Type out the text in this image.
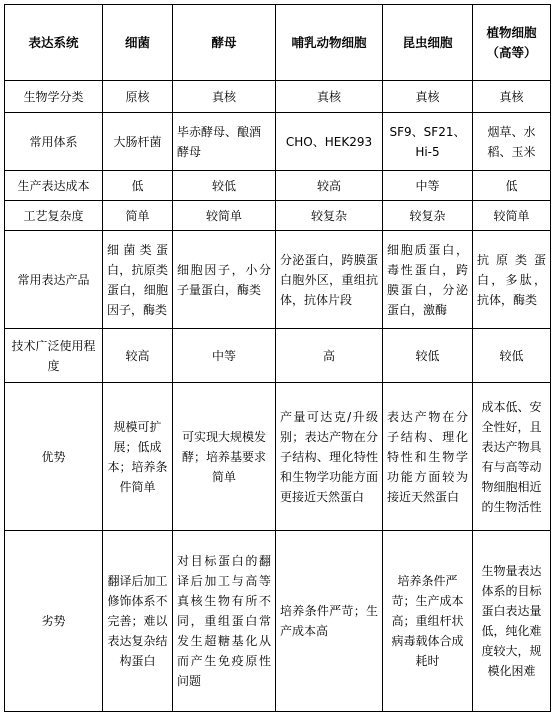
表达系统	细菌	酵母	哺乳动物细胞	昆虫细胞	植物细胞（高等）
生物学分类	原核	真核	真核	真核	真核
常用体系	大肠杆菌	毕赤酵母、酿酒酵母	CHO、HEK293	SF9、SF21、Hi-5	烟草、水稻、玉米
生产表达成本	低	较低	较高	中等	低
工艺复杂度	简单	较简单	较复杂	较复杂	较简单
常用表达产品	细菌类蛋白，抗原类蛋白，细胞因子，酶类	细胞因子，小分子量蛋白，酶类	分泌蛋白，跨膜蛋白胞外区，重组抗体，抗体片段	细胞质蛋白，毒性蛋白，跨膜蛋白，分泌蛋白，激酶	抗原类蛋白，多肽，抗体，酶类
技术广泛使用程度	较高	中等	高	较低	较低
优势	规模可扩展；低成本；培养条件简单	可实现大规模发酵；培养基要求简单	产量可达克/升级别；表达产物在分子结构、理化特性和生物学功能方面更接近天然蛋白	表达产物在分子结构、理化特性和生物学功能方面较为接近天然蛋白	成本低、安全性好，且表达产物具有与高等动物细胞相近的生物活性
劣势	翻译后加工修饰体系不完善；难以表达复杂结构蛋白	对目标蛋白的翻译后加工与高等真核生物有所不同，重组蛋白常发生超糖基化从而产生免疫原性问题	培养条件严苛；生产成本高	培养条件严苛；生产成本高；重组杆状病毒载体合成耗时	生物量表达体系的目标蛋白表达量低，纯化难度较大，规模化困难
